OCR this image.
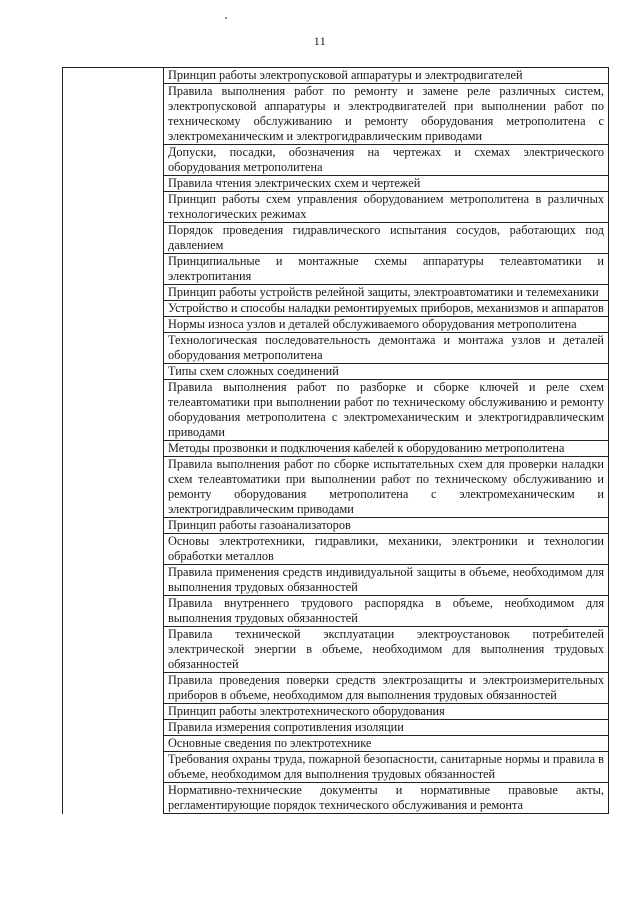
11
	Принцип работы электропусковой аппаратуры и электродвигателей
Правила выполнения работ по ремонту и замене реле различных систем, электропусковой аппаратуры и электродвигателей при выполнении работ по техническому обслуживанию и ремонту оборудования метрополитена с электромеханическим и электрогидравлическим приводами
Допуски, посадки, обозначения на чертежах и схемах электрического оборудования метрополитена
Правила чтения электрических схем и чертежей
Принцип работы схем управления оборудованием метрополитена в различных технологических режимах
Порядок проведения гидравлического испытания сосудов, работающих под давлением
Принципиальные и монтажные схемы аппаратуры телеавтоматики и электропитания
Принцип работы устройств релейной защиты, электроавтоматики и телемеханики
Устройство и способы наладки ремонтируемых приборов, механизмов и аппаратов
Нормы износа узлов и деталей обслуживаемого оборудования метрополитена
Технологическая последовательность демонтажа и монтажа узлов и деталей оборудования метрополитена
Типы схем сложных соединений
Правила выполнения работ по разборке и сборке ключей и реле схем телеавтоматики при выполнении работ по техническому обслуживанию и ремонту оборудования метрополитена с электромеханическим и электрогидравлическим приводами
Методы прозвонки и подключения кабелей к оборудованию метрополитена
Правила выполнения работ по сборке испытательных схем для проверки наладки схем телеавтоматики при выполнении работ по техническому обслуживанию и ремонту оборудования метрополитена с электромеханическим и электрогидравлическим приводами
Принцип работы газоанализаторов
Основы электротехники, гидравлики, механики, электроники и технологии обработки металлов
Правила применения средств индивидуальной защиты в объеме, необходимом для выполнения трудовых обязанностей
Правила внутреннего трудового распорядка в объеме, необходимом для выполнения трудовых обязанностей
Правила технической эксплуатации электроустановок потребителей электрической энергии в объеме, необходимом для выполнения трудовых обязанностей
Правила проведения поверки средств электрозащиты и электроизмерительных приборов в объеме, необходимом для выполнения трудовых обязанностей
Принцип работы электротехнического оборудования
Правила измерения сопротивления изоляции
Основные сведения по электротехнике
Требования охраны труда, пожарной безопасности, санитарные нормы и правила в объеме, необходимом для выполнения трудовых обязанностей
Нормативно-технические документы и нормативные правовые акты, регламентирующие порядок технического обслуживания и ремонта
